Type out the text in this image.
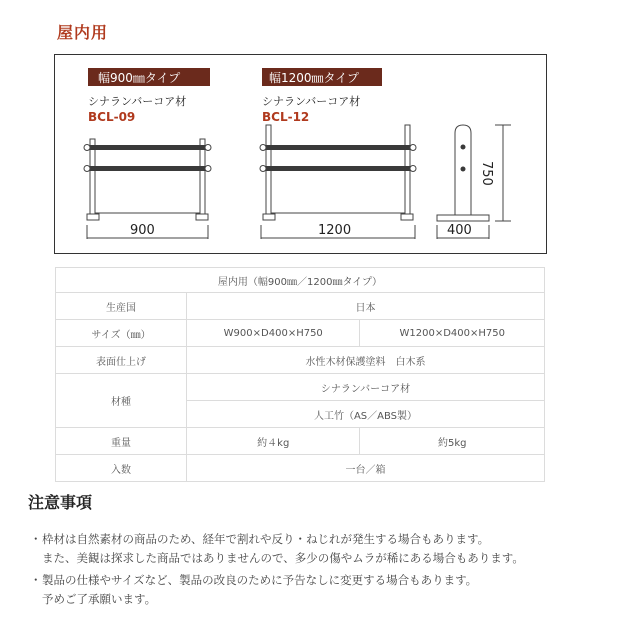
屋内用
幅900㎜タイプ
シナランバーコア材
BCL-09
900
幅1200㎜タイプ
シナランバーコア材
BCL-12
1200	400
750
屋内用（幅900㎜／1200㎜タイプ）		
生産国	日本	
サイズ（㎜）	W900×D400×H750	W1200×D400×H750
表面仕上げ	水性木材保護塗料　白木系	
材種	シナランバーコア材	
	人工竹（AS／ABS製）	
重量	約４kg	約5kg
入数	一台／箱	
注意事項
・ 枠材は自然素材の商品のため、経年で割れや反り・ねじれが発生する場合もあります。
また、美観は探求した商品ではありませんので、多少の傷やムラが稀にある場合もあります。
・ 製品の仕様やサイズなど、製品の改良のために予告なしに変更する場合もあります。
予めご了承願います。
